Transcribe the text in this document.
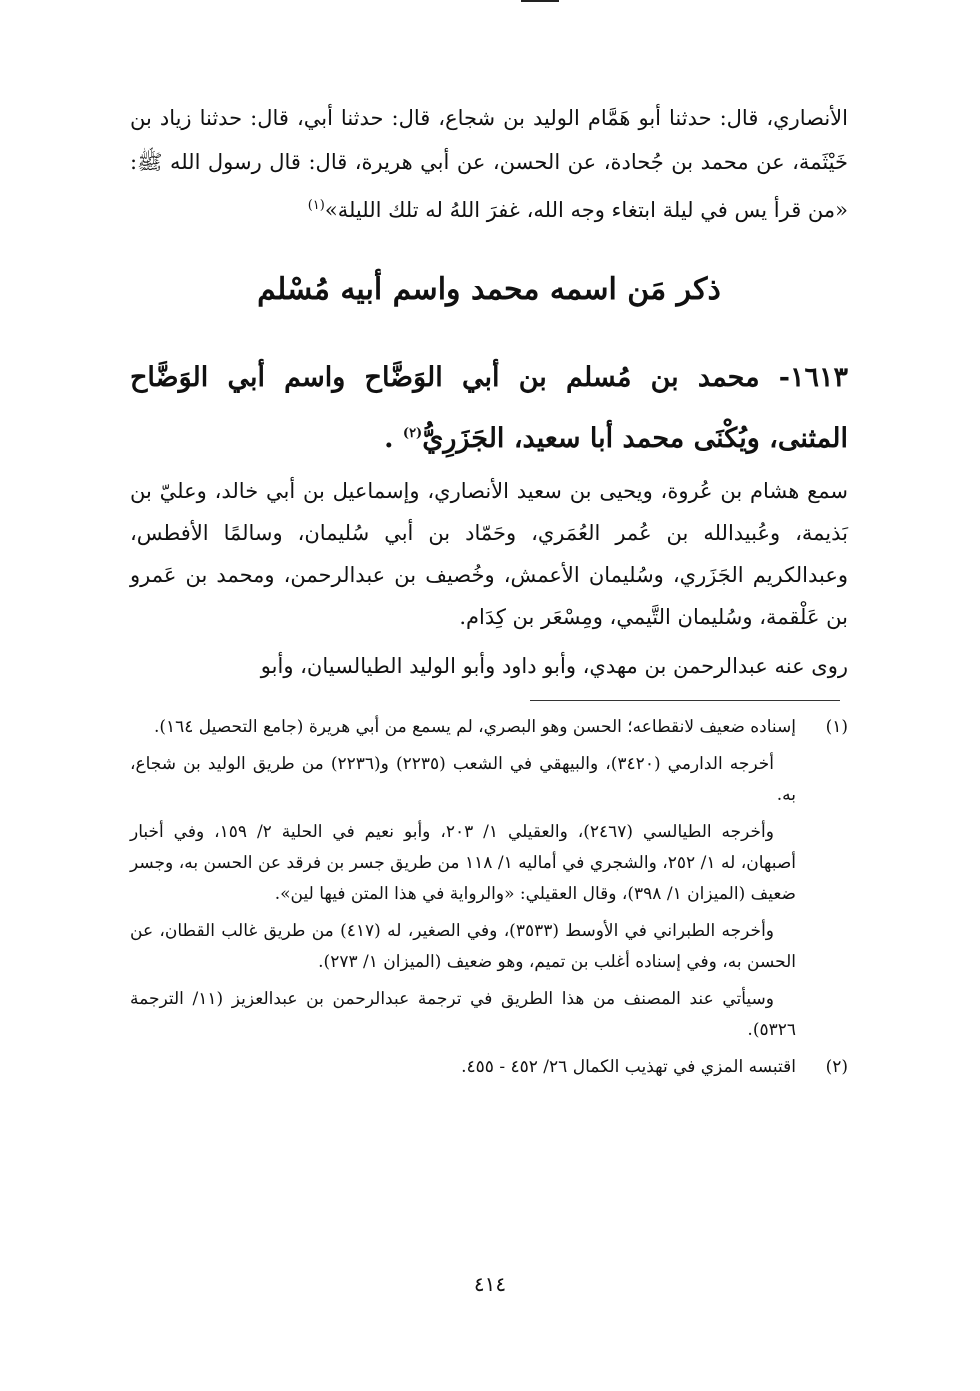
الأنصاري، قال: حدثنا أبو هَمَّام الوليد بن شجاع، قال: حدثنا أبي، قال: حدثنا زياد بن خَيْثَمة، عن محمد بن جُحادة، عن الحسن، عن أبي هريرة، قال: قال رسول الله ﷺ: «من قرأ يس في ليلة ابتغاء وجه الله، غفرَ اللهُ له تلك الليلة»$^{(١)}$
ذكر مَن اسمه محمد واسم أبيه مُسْلم
١٦١٣- محمد بن مُسلم بن أبي الوَضَّاح واسم أبي الوَضَّاح المثنى، ويُكْنَى محمد أبا سعيد، الجَزَرِيُّ$^{(٢)}$ .
سمع هشام بن عُروة، ويحيى بن سعيد الأنصاري، وإسماعيل بن أبي خالد، وعليّ بن بَذيمة، وعُبيدالله بن عُمر العُمَري، وحَمّاد بن أبي سُليمان، وسالمًا الأفطس، وعبدالكريم الجَزَري، وسُليمان الأعمش، وخُصيف بن عبدالرحمن، ومحمد بن عَمرو بن عَلْقمة، وسُليمان التَّيمي، ومِسْعَر بن كِدَام.
روى عنه عبدالرحمن بن مهدي، وأبو داود وأبو الوليد الطيالسيان، وأبو
(١)

إسناده ضعيف لانقطاعه؛ الحسن وهو البصري، لم يسمع من أبي هريرة (جامع التحصيل ١٦٤).

أخرجه الدارمي (٣٤٢٠)، والبيهقي في الشعب (٢٢٣٥) و(٢٢٣٦) من طريق الوليد بن شجاع، به.

وأخرجه الطيالسي (٢٤٦٧)، والعقيلي ١/ ٢٠٣، وأبو نعيم في الحلية ٢/ ١٥٩، وفي أخبار أصبهان، له ١/ ٢٥٢، والشجري في أماليه ١/ ١١٨ من طريق جسر بن فرقد عن الحسن به، وجسر ضعيف (الميزان ١/ ٣٩٨)، وقال العقيلي: «والرواية في هذا المتن فيها لين».

وأخرجه الطبراني في الأوسط (٣٥٣٣)، وفي الصغير، له (٤١٧) من طريق غالب القطان، عن الحسن به، وفي إسناده أغلب بن تميم، وهو ضعيف (الميزان ١/ ٢٧٣).

وسيأتي عند المصنف من هذا الطريق في ترجمة عبدالرحمن بن عبدالعزيز (١١/ الترجمة ٥٣٢٦).

(٢)

اقتبسه المزي في تهذيب الكمال ٢٦/ ٤٥٢ - ٤٥٥.

٤١٤
